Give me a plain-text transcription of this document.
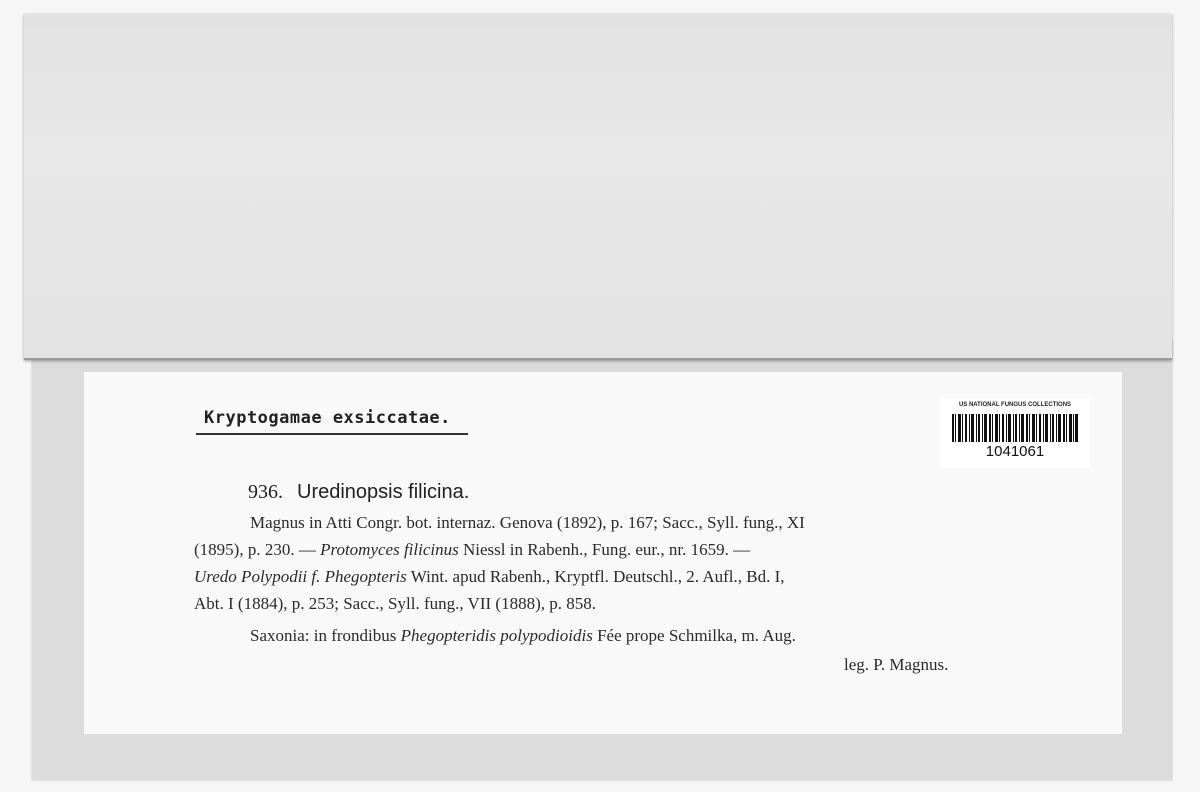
Kryptogamae exsiccatae.
US NATIONAL FUNGUS COLLECTIONS
1041061
936. Uredinopsis filicina.
Magnus in Atti Congr. bot. internaz. Genova (1892), p. 167; Sacc., Syll. fung., XI
(1895), p. 230. — Protomyces filicinus Niessl in Rabenh., Fung. eur., nr. 1659. —
Uredo Polypodii f. Phegopteris Wint. apud Rabenh., Kryptfl. Deutschl., 2. Aufl., Bd. I,
Abt. I (1884), p. 253; Sacc., Syll. fung., VII (1888), p. 858.
Saxonia: in frondibus Phegopteridis polypodioidis Fée prope Schmilka, m. Aug.
leg. P. Magnus.
